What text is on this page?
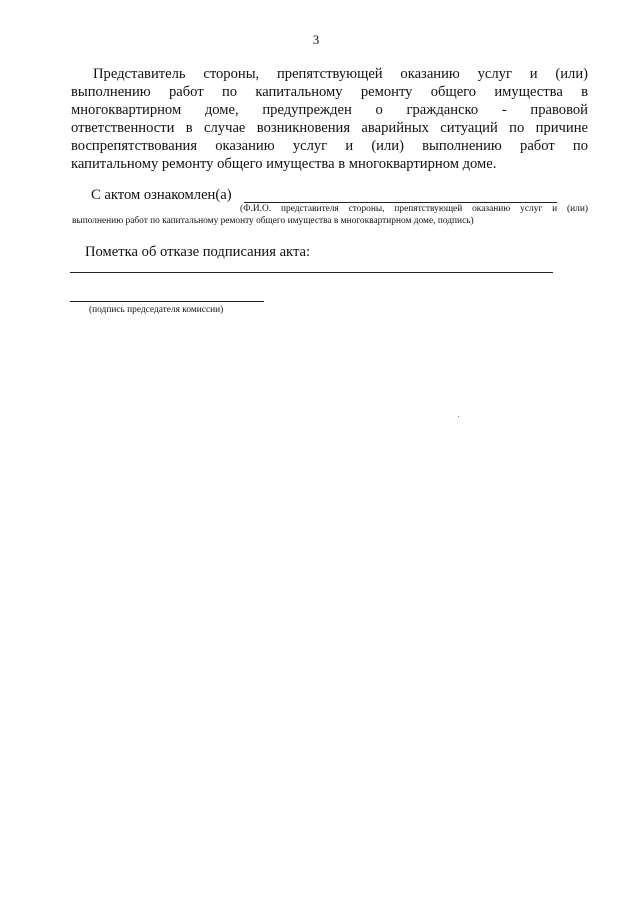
3
Представитель стороны, препятствующей оказанию услуг и (или)
выполнению работ по капитальному ремонту общего имущества в
многоквартирном доме, предупрежден о гражданско - правовой
ответственности в случае возникновения аварийных ситуаций по причине
воспрепятствования оказанию услуг и (или) выполнению работ по
капитальному ремонту общего имущества в многоквартирном доме.
С актом ознакомлен(а)
(Ф.И.О. представителя стороны, препятствующей оказанию услуг и (или)
выполнению работ по капитальному ремонту общего имущества в многоквартирном доме, подпись)
Пометка об отказе подписания акта:
(подпись председателя комиссии)
